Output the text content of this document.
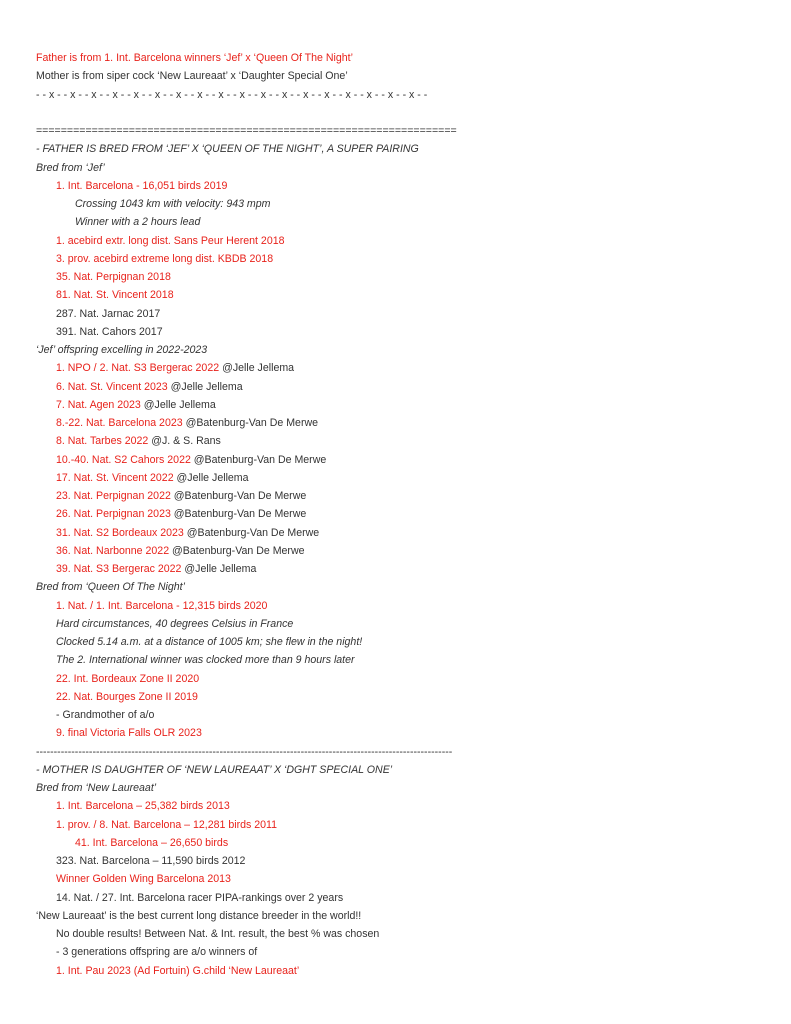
Father is from 1. Int. Barcelona winners ‘Jef’ x ‘Queen Of The Night’
Mother is from siper cock ‘New Laureaat’ x ‘Daughter Special One’
- - x - - x - - x - - x - - x - - x - - x - - x - - x - - x - - x - - x - - x - - x - - x - - x - - x - - x - -
====================================================================
- FATHER IS BRED FROM ‘JEF’ X ‘QUEEN OF THE NIGHT’, A SUPER PAIRING
Bred from ‘Jef’
1. Int. Barcelona - 16,051 birds 2019
Crossing 1043 km with velocity: 943 mpm
Winner with a 2 hours lead
1. acebird extr. long dist. Sans Peur Herent 2018
3. prov. acebird extreme long dist. KBDB 2018
35. Nat. Perpignan 2018
81. Nat. St. Vincent 2018
287. Nat. Jarnac 2017
391. Nat. Cahors 2017
‘Jef’ offspring excelling in 2022-2023
1. NPO / 2. Nat. S3 Bergerac 2022 @Jelle Jellema
6. Nat. St. Vincent 2023 @Jelle Jellema
7. Nat. Agen 2023 @Jelle Jellema
8.-22. Nat. Barcelona 2023 @Batenburg-Van De Merwe
8. Nat. Tarbes 2022 @J. & S. Rans
10.-40. Nat. S2 Cahors 2022 @Batenburg-Van De Merwe
17. Nat. St. Vincent 2022 @Jelle Jellema
23. Nat. Perpignan 2022 @Batenburg-Van De Merwe
26. Nat. Perpignan 2023 @Batenburg-Van De Merwe
31. Nat. S2 Bordeaux 2023 @Batenburg-Van De Merwe
36. Nat. Narbonne 2022 @Batenburg-Van De Merwe
39. Nat. S3 Bergerac 2022 @Jelle Jellema
Bred from ‘Queen Of The Night’
1. Nat. / 1. Int. Barcelona - 12,315 birds 2020
Hard circumstances, 40 degrees Celsius in France
Clocked 5.14 a.m. at a distance of 1005 km; she flew in the night!
The 2. International winner was clocked more than 9 hours later
22. Int. Bordeaux Zone II 2020
22. Nat. Bourges Zone II 2019
- Grandmother of a/o
9. final Victoria Falls OLR 2023
----------------------------------------------------------------------------------------------------------------------
- MOTHER IS DAUGHTER OF ‘NEW LAUREAAT’ X ‘DGHT SPECIAL ONE’
Bred from ‘New Laureaat’
1. Int. Barcelona – 25,382 birds 2013
1. prov. / 8. Nat. Barcelona – 12,281 birds 2011
41. Int. Barcelona – 26,650 birds
323. Nat. Barcelona – 11,590 birds 2012
Winner Golden Wing Barcelona 2013
14. Nat. / 27. Int. Barcelona racer PIPA-rankings over 2 years
‘New Laureaat’ is the best current long distance breeder in the world!!
No double results! Between Nat. & Int. result, the best % was chosen
- 3 generations offspring are a/o winners of
1. Int. Pau 2023 (Ad Fortuin) G.child ‘New Laureaat’
